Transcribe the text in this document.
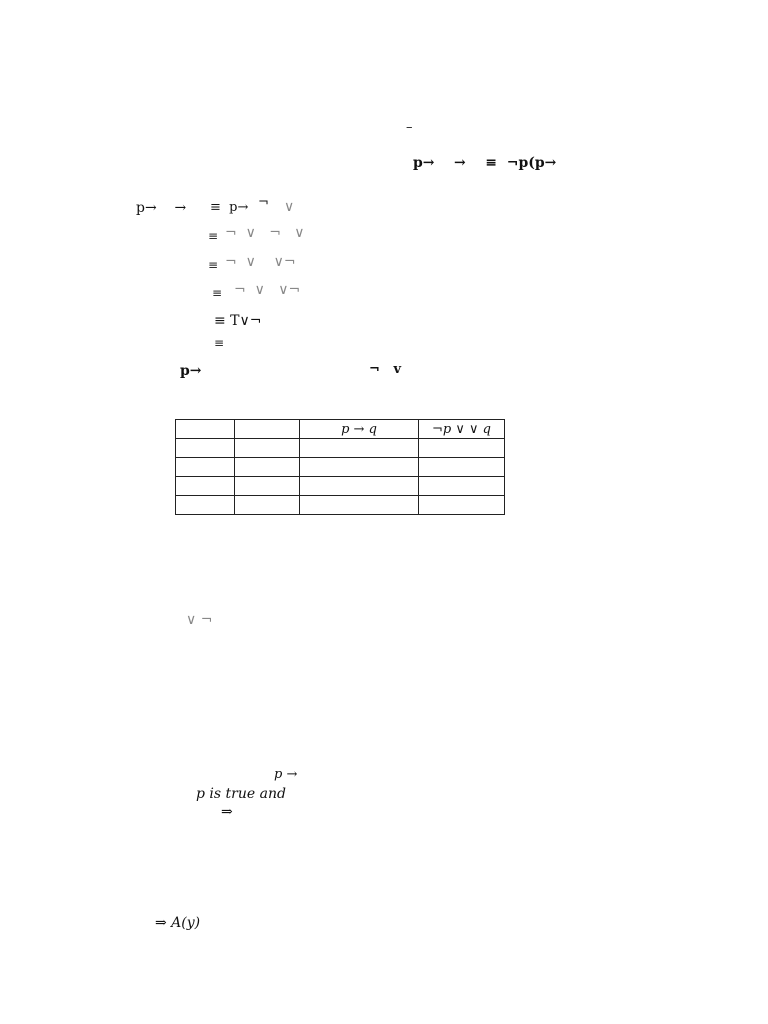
–
p→    →    ≡  ¬p(p→
p→    → ≡  p→ ¬ ∨
≡ ¬  ∨   ¬   ∨
≡ ¬  ∨    ∨¬
≡ ¬  ∨   ∨¬
≡ T∨¬
≡
p→	¬   v
		p → q	¬p ∨ ∨ q

∨ ¬
p →
p is true and
⇒
⇒ A(y)
